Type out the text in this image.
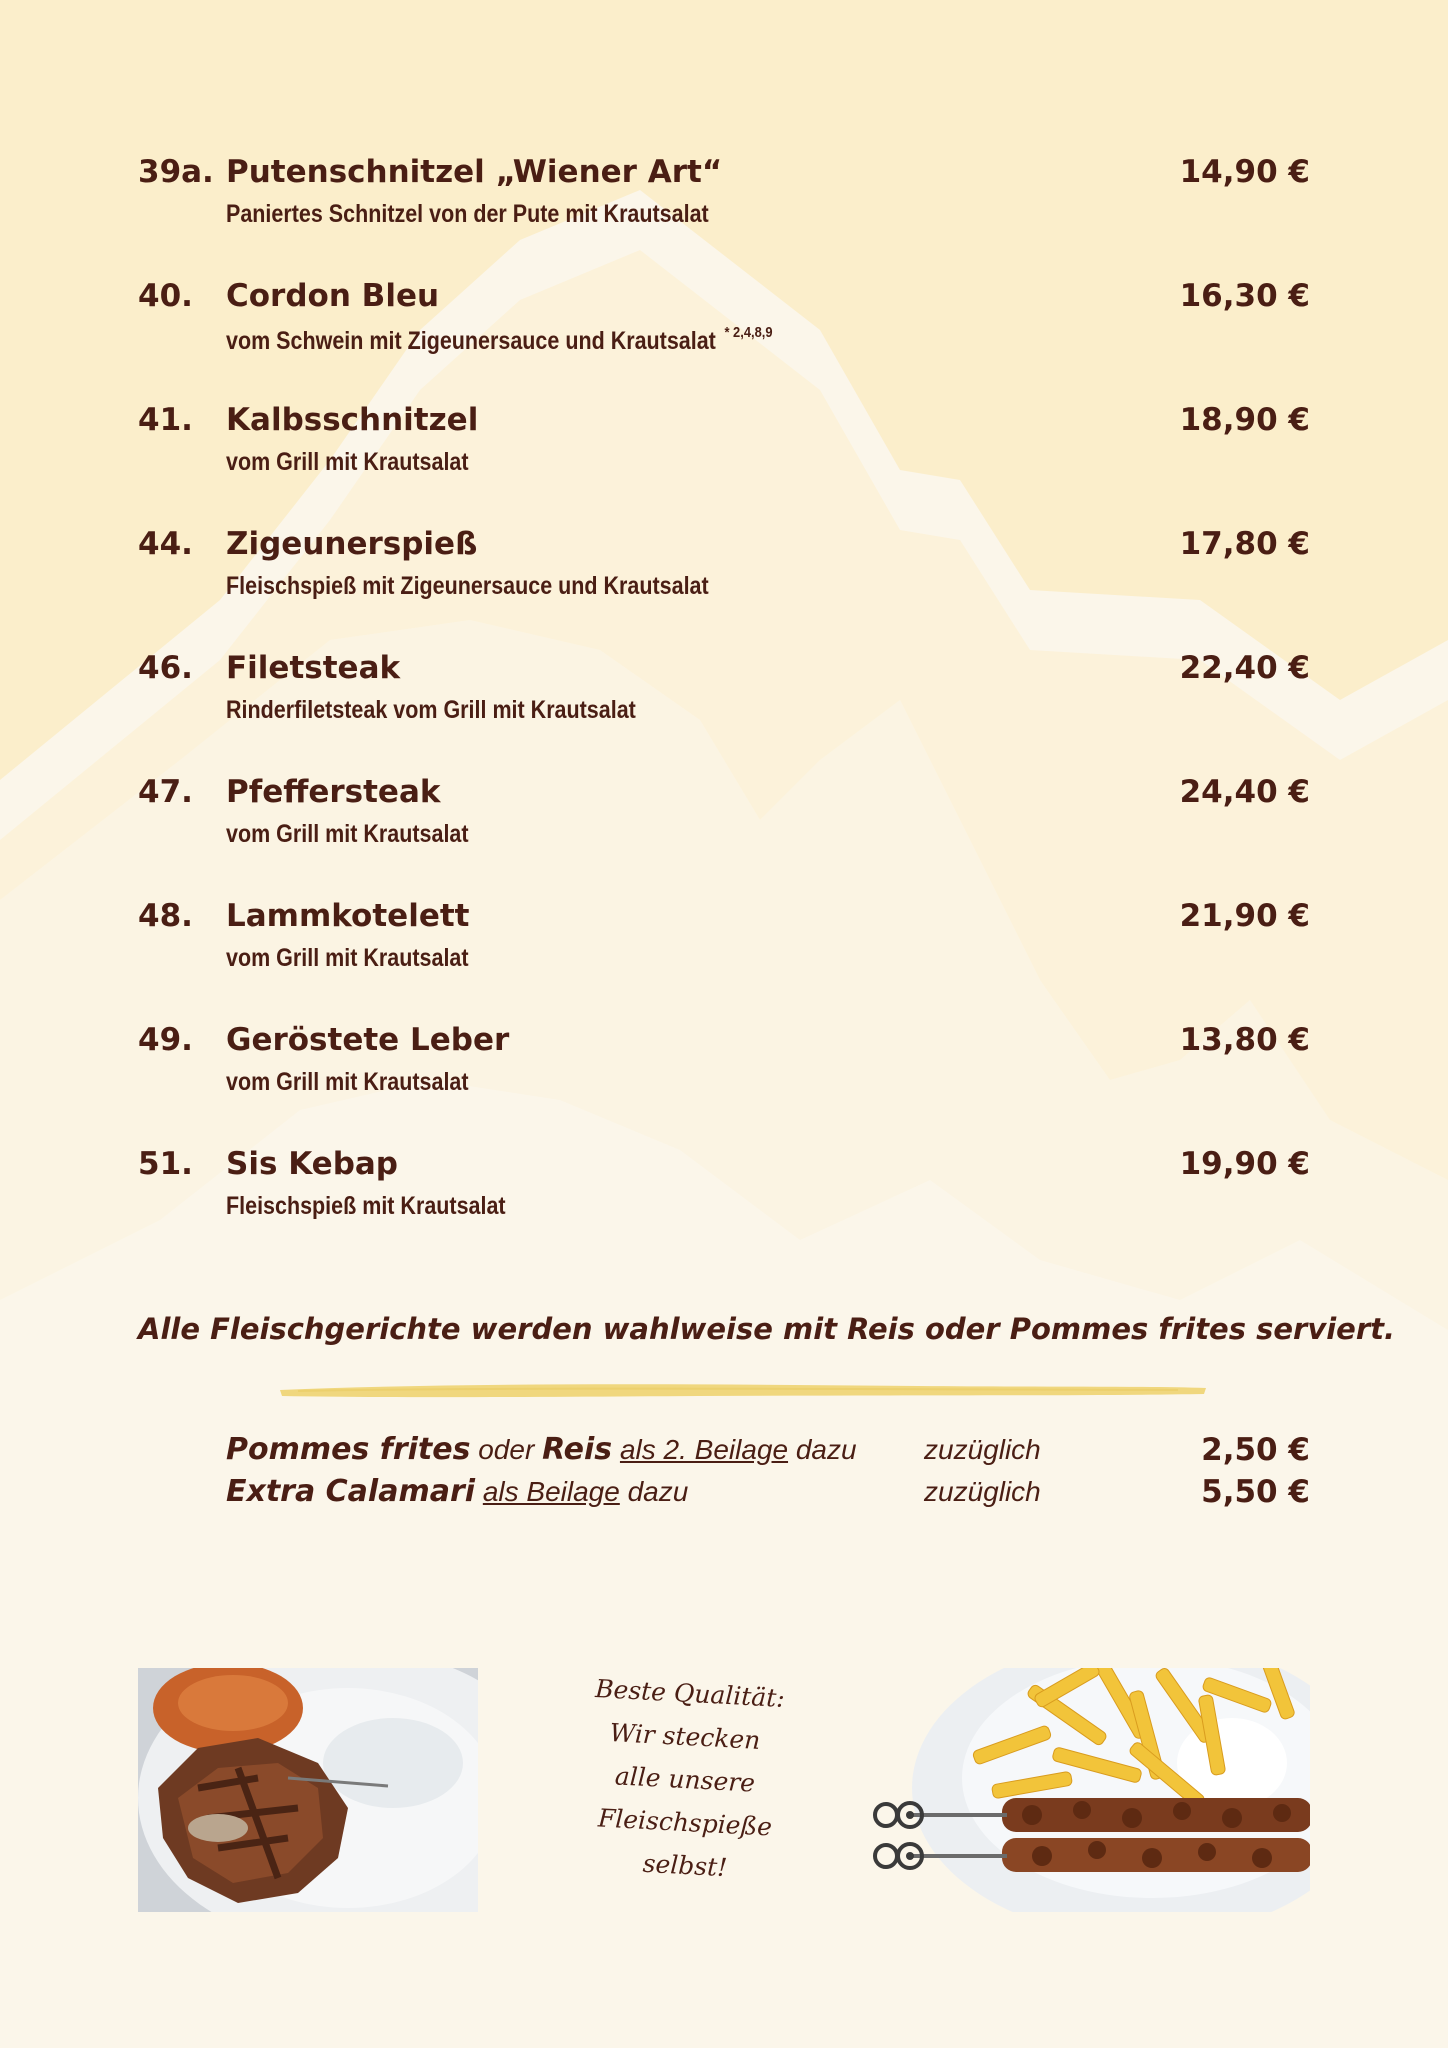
39a. Putenschnitzel „Wiener Art“	14,90 €
Paniertes Schnitzel von der Pute mit Krautsalat
40. Cordon Bleu	16,30 €
vom Schwein mit Zigeunersauce und Krautsalat $^{* 2,4,8,9}$
41. Kalbsschnitzel	18,90 €
vom Grill mit Krautsalat
44. Zigeunerspieß	17,80 €
Fleischspieß mit Zigeunersauce und Krautsalat
46. Filetsteak	22,40 €
Rinderfiletsteak vom Grill mit Krautsalat
47. Pfeffersteak	24,40 €
vom Grill mit Krautsalat
48. Lammkotelett	21,90 €
vom Grill mit Krautsalat
49. Geröstete Leber	13,80 €
vom Grill mit Krautsalat
51. Sis Kebap	19,90 €
Fleischspieß mit Krautsalat
Alle Fleischgerichte werden wahlweise mit Reis oder Pommes frites serviert.
Pommes frites oder Reis als 2. Beilage dazu zuzüglich	2,50 €
Extra Calamari als Beilage dazu	zuzüglich	5,50 €
Beste Qualität:
Wir stecken
alle unsere
Fleischspieße
selbst!
